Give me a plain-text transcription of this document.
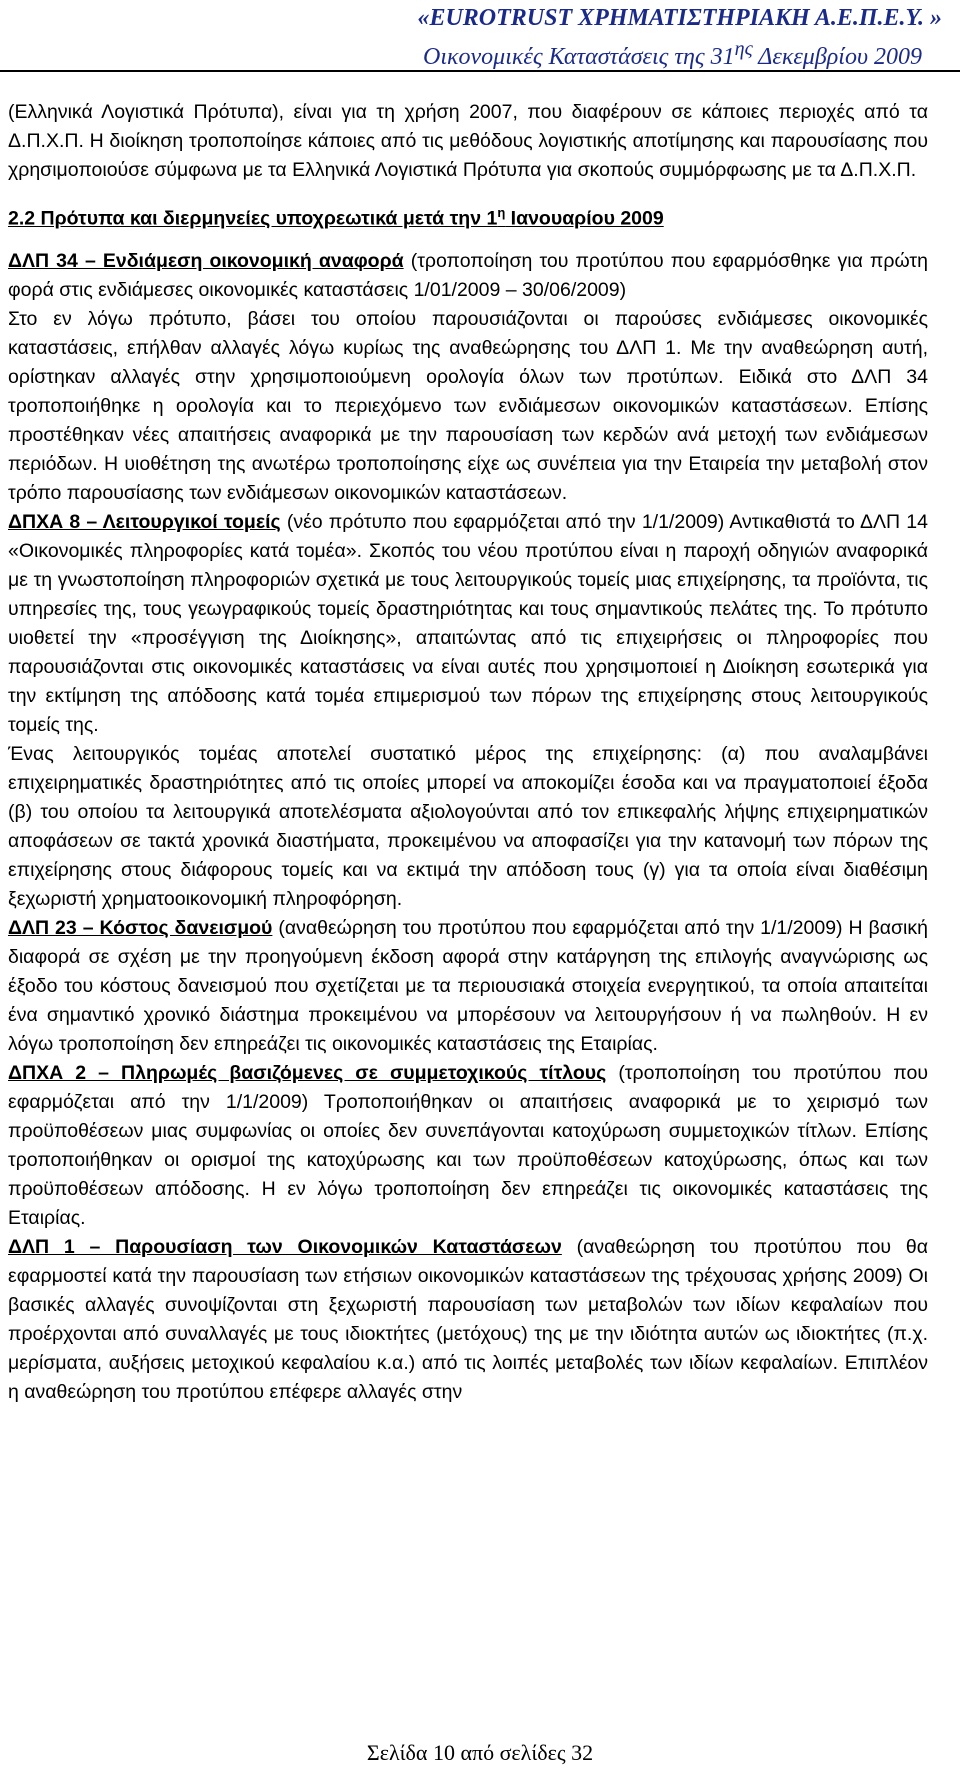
«EUROTRUST ΧΡΗΜΑΤΙΣΤΗΡΙΑΚΗ Α.Ε.Π.Ε.Υ. »
Οικονομικές Καταστάσεις της $31^{\eta\varsigma}$ Δεκεμβρίου 2009

(Ελληνικά Λογιστικά Πρότυπα), είναι για τη χρήση 2007, που διαφέρουν σε κάποιες περιοχές από τα Δ.Π.Χ.Π. Η διοίκηση τροποποίησε κάποιες από τις μεθόδους λογιστικής αποτίμησης και παρουσίασης που χρησιμοποιούσε σύμφωνα με τα Ελληνικά Λογιστικά Πρότυπα για σκοπούς συμμόρφωσης με τα Δ.Π.Χ.Π.

2.2 Πρότυπα και διερμηνείες υποχρεωτικά μετά την $1^\eta$ Ιανουαρίου 2009

ΔΛΠ 34 – Ενδιάμεση οικονομική αναφορά (τροποποίηση του προτύπου που εφαρμόσθηκε για πρώτη φορά στις ενδιάμεσες οικονομικές καταστάσεις 1/01/2009 – 30/06/2009)

Στο εν λόγω πρότυπο, βάσει του οποίου παρουσιάζονται οι παρούσες ενδιάμεσες οικονομικές καταστάσεις, επήλθαν αλλαγές λόγω κυρίως της αναθεώρησης του ΔΛΠ 1. Με την αναθεώρηση αυτή, ορίστηκαν αλλαγές στην χρησιμοποιούμενη ορολογία όλων των προτύπων. Ειδικά στο ΔΛΠ 34 τροποποιήθηκε η ορολογία και το περιεχόμενο των ενδιάμεσων οικονομικών καταστάσεων. Επίσης προστέθηκαν νέες απαιτήσεις αναφορικά με την παρουσίαση των κερδών ανά μετοχή των ενδιάμεσων περιόδων. Η υιοθέτηση της ανωτέρω τροποποίησης είχε ως συνέπεια για την Εταιρεία την μεταβολή στον τρόπο παρουσίασης των ενδιάμεσων οικονομικών καταστάσεων.

ΔΠΧΑ 8 – Λειτουργικοί τομείς (νέο πρότυπο που εφαρμόζεται από την 1/1/2009) Αντικαθιστά το ΔΛΠ 14 «Οικονομικές πληροφορίες κατά τομέα». Σκοπός του νέου προτύπου είναι η παροχή οδηγιών αναφορικά με τη γνωστοποίηση πληροφοριών σχετικά με τους λειτουργικούς τομείς μιας επιχείρησης, τα προϊόντα, τις υπηρεσίες της, τους γεωγραφικούς τομείς δραστηριότητας και τους σημαντικούς πελάτες της. Το πρότυπο υιοθετεί την «προσέγγιση της Διοίκησης», απαιτώντας από τις επιχειρήσεις οι πληροφορίες που παρουσιάζονται στις οικονομικές καταστάσεις να είναι αυτές που χρησιμοποιεί η Διοίκηση εσωτερικά για την εκτίμηση της απόδοσης κατά τομέα επιμερισμού των πόρων της επιχείρησης στους λειτουργικούς τομείς της.

Ένας λειτουργικός τομέας αποτελεί συστατικό μέρος της επιχείρησης: (α) που αναλαμβάνει επιχειρηματικές δραστηριότητες από τις οποίες μπορεί να αποκομίζει έσοδα και να πραγματοποιεί έξοδα (β) του οποίου τα λειτουργικά αποτελέσματα αξιολογούνται από τον επικεφαλής λήψης επιχειρηματικών αποφάσεων σε τακτά χρονικά διαστήματα, προκειμένου να αποφασίζει για την κατανομή των πόρων της επιχείρησης στους διάφορους τομείς και να εκτιμά την απόδοση τους (γ) για τα οποία είναι διαθέσιμη ξεχωριστή χρηματοοικονομική πληροφόρηση.

ΔΛΠ 23 – Κόστος δανεισμού (αναθεώρηση του προτύπου που εφαρμόζεται από την 1/1/2009) Η βασική διαφορά σε σχέση με την προηγούμενη έκδοση αφορά στην κατάργηση της επιλογής αναγνώρισης ως έξοδο του κόστους δανεισμού που σχετίζεται με τα περιουσιακά στοιχεία ενεργητικού, τα οποία απαιτείται ένα σημαντικό χρονικό διάστημα προκειμένου να μπορέσουν να λειτουργήσουν ή να πωληθούν. Η εν λόγω τροποποίηση δεν επηρεάζει τις οικονομικές καταστάσεις της Εταιρίας.

ΔΠΧΑ 2 – Πληρωμές βασιζόμενες σε συμμετοχικούς τίτλους (τροποποίηση του προτύπου που εφαρμόζεται από την 1/1/2009) Τροποποιήθηκαν οι απαιτήσεις αναφορικά με το χειρισμό των προϋποθέσεων μιας συμφωνίας οι οποίες δεν συνεπάγονται κατοχύρωση συμμετοχικών τίτλων. Επίσης τροποποιήθηκαν οι ορισμοί της κατοχύρωσης και των προϋποθέσεων κατοχύρωσης, όπως και των προϋποθέσεων απόδοσης. Η εν λόγω τροποποίηση δεν επηρεάζει τις οικονομικές καταστάσεις της Εταιρίας.

ΔΛΠ 1 – Παρουσίαση των Οικονομικών Καταστάσεων (αναθεώρηση του προτύπου που θα εφαρμοστεί κατά την παρουσίαση των ετήσιων οικονομικών καταστάσεων της τρέχουσας χρήσης 2009) Οι βασικές αλλαγές συνοψίζονται στη ξεχωριστή παρουσίαση των μεταβολών των ιδίων κεφαλαίων που προέρχονται από συναλλαγές με τους ιδιοκτήτες (μετόχους) της με την ιδιότητα αυτών ως ιδιοκτήτες (π.χ. μερίσματα, αυξήσεις μετοχικού κεφαλαίου κ.α.) από τις λοιπές μεταβολές των ιδίων κεφαλαίων. Επιπλέον η αναθεώρηση του προτύπου επέφερε αλλαγές στην

Σελίδα 10 από σελίδες 32
